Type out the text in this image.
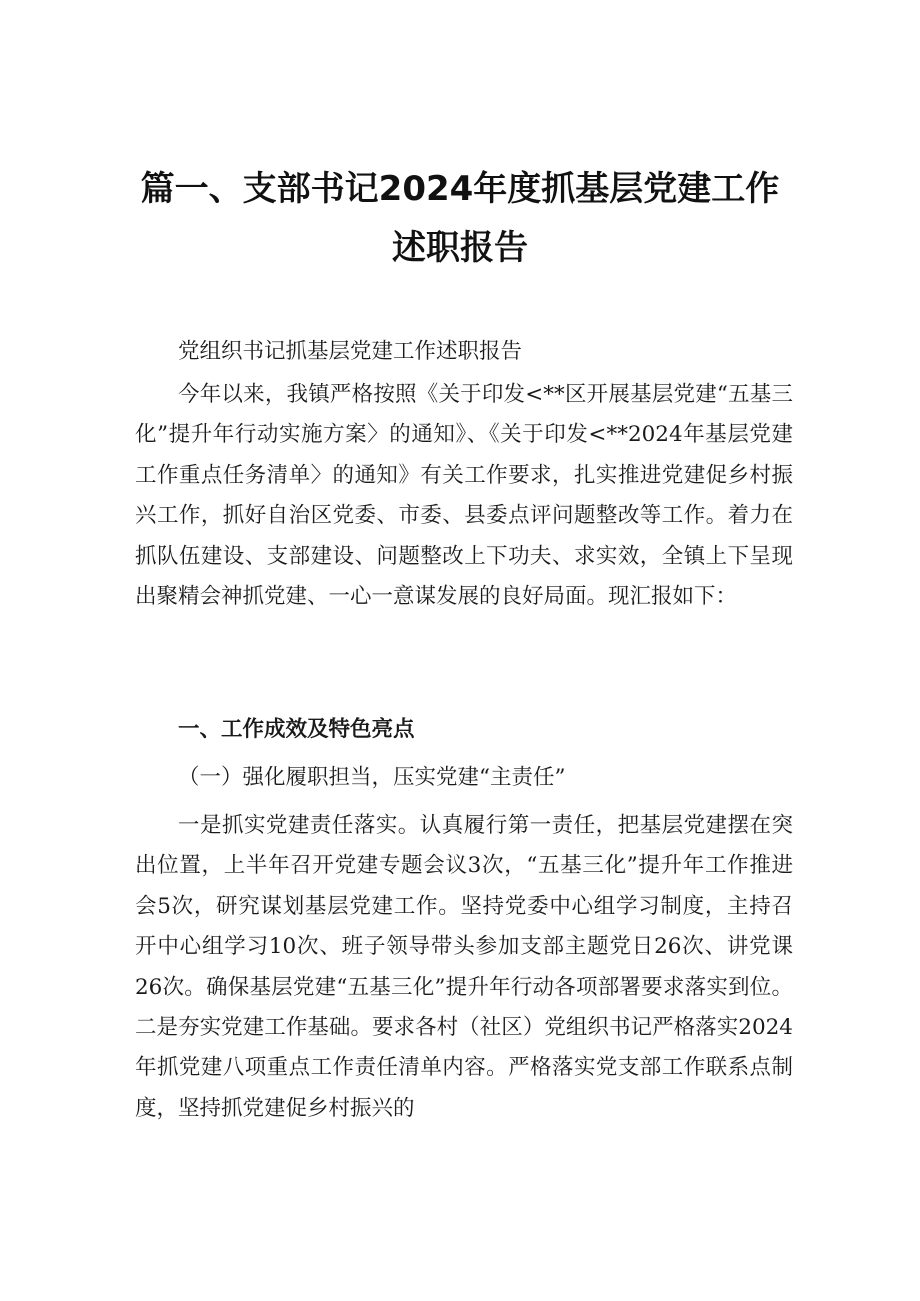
篇一、支部书记2024年度抓基层党建工作
述职报告
党组织书记抓基层党建工作述职报告
今年以来，我镇严格按照《关于印发<**区开展基层党建“五基三化”提升年行动实施方案〉的通知》、《关于印发<**2024年基层党建工作重点任务清单〉的通知》有关工作要求，扎实推进党建促乡村振兴工作，抓好自治区党委、市委、县委点评问题整改等工作。着力在抓队伍建设、支部建设、问题整改上下功夫、求实效，全镇上下呈现出聚精会神抓党建、一心一意谋发展的良好局面。现汇报如下：
一、工作成效及特色亮点
（一）强化履职担当，压实党建“主责任”
一是抓实党建责任落实。认真履行第一责任，把基层党建摆在突出位置，上半年召开党建专题会议3次，“五基三化”提升年工作推进会5次，研究谋划基层党建工作。坚持党委中心组学习制度，主持召开中心组学习10次、班子领导带头参加支部主题党日26次、讲党课26次。确保基层党建“五基三化”提升年行动各项部署要求落实到位。二是夯实党建工作基础。要求各村（社区）党组织书记严格落实2024年抓党建八项重点工作责任清单内容。严格落实党支部工作联系点制度，坚持抓党建促乡村振兴的
